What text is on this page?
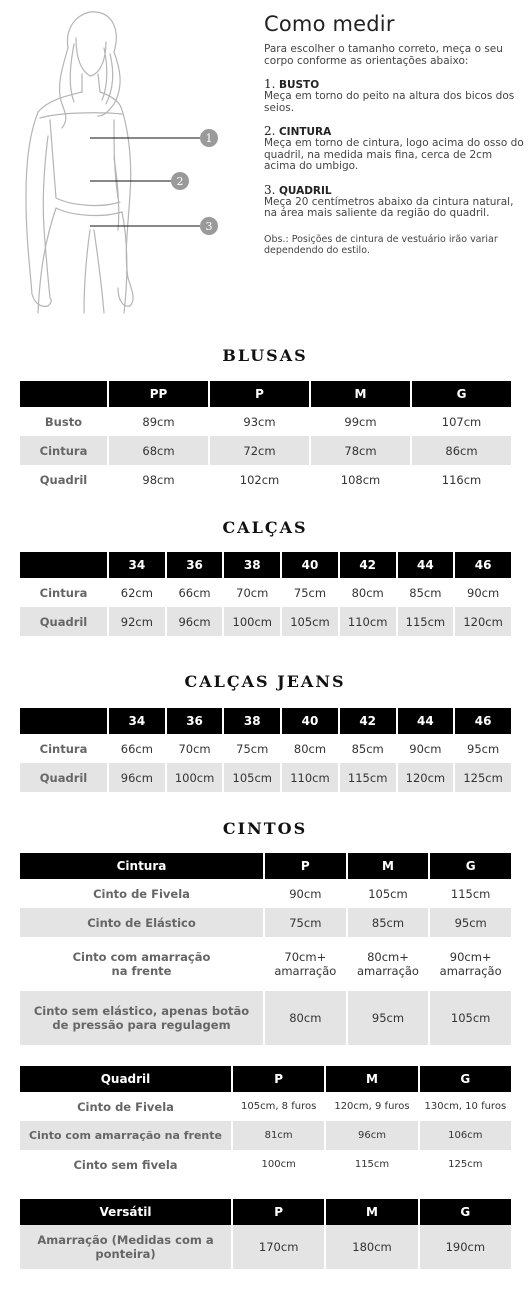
1
2
3
Como medir
Para escolher o tamanho correto, meça o seu corpo conforme as orientações abaixo:
1. BUSTO
Meça em torno do peito na altura dos bicos dos seios.
2. CINTURA
Meça em torno de cintura, logo acima do osso do quadril, na medida mais fina, cerca de 2cm acima do umbigo.
3. QUADRIL
Meça 20 centímetros abaixo da cintura natural, na área mais saliente da região do quadril.
Obs.: Posições de cintura de vestuário irão variar dependendo do estilo.
BLUSAS
	PP	P	M	G
Busto	89cm	93cm	99cm	107cm
Cintura	68cm	72cm	78cm	86cm
Quadril	98cm	102cm	108cm	116cm
CALÇAS
	34	36	38	40	42	44	46
Cintura	62cm	66cm	70cm	75cm	80cm	85cm	90cm
Quadril	92cm	96cm	100cm	105cm	110cm	115cm	120cm
CALÇAS JEANS
	34	36	38	40	42	44	46
Cintura	66cm	70cm	75cm	80cm	85cm	90cm	95cm
Quadril	96cm	100cm	105cm	110cm	115cm	120cm	125cm
CINTOS
Cintura	P	M	G
Cinto de Fivela	90cm	105cm	115cm
Cinto de Elástico	75cm	85cm	95cm
Cinto com amarração na frente	70cm+ amarração	80cm+ amarração	90cm+ amarração
Cinto sem elástico, apenas botão de pressão para regulagem	80cm	95cm	105cm
Quadril	P	M	G
Cinto de Fivela	105cm, 8 furos	120cm, 9 furos	130cm, 10 furos
Cinto com amarração na frente	81cm	96cm	106cm
Cinto sem fivela	100cm	115cm	125cm
Versátil	P	M	G
Amarração (Medidas com a ponteira)	170cm	180cm	190cm
